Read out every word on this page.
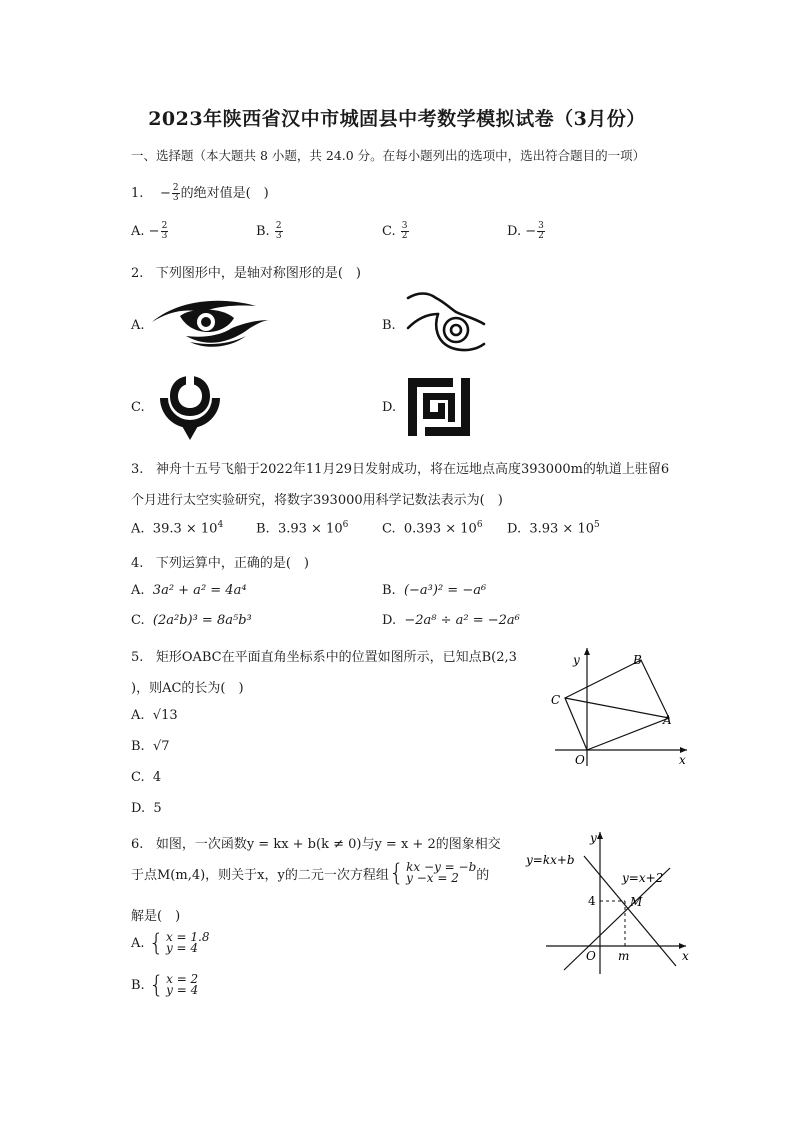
2023年陕西省汉中市城固县中考数学模拟试卷（3月份）
一、选择题（本大题共 8 小题，共 24.0 分。在每小题列出的选项中，选出符合题目的一项）
1. − $\frac{2}{3}$ 的绝对值是(　)
A. − $\frac{2}{3}$	B. $\frac{2}{3}$	C. $\frac{3}{2}$	D. − $\frac{3}{2}$
2. 下列图形中，是轴对称图形的是(　)
A.	B.
C.	D.
3. 神舟十五号飞船于2022年11月29日发射成功，将在远地点高度393000m的轨道上驻留6
个月进行太空实验研究，将数字393000用科学记数法表示为(　)
A. $39.3 \times 10^4$	B. $3.93 \times 10^6$	C. $0.393 \times 10^6$ D. $3.93 \times 10^5$
4. 下列运算中，正确的是(　)
A. 3a² + a² = 4a⁴	B. (−a³)² = −a⁶
C. (2a²b)³ = 8a⁵b³	D. −2a⁸ ÷ a² = −2a⁶
5. 矩形OABC在平面直角坐标系中的位置如图所示，已知点B(2,3
)，则AC的长为(　)
A. √13
B. √7
C. 4
D. 5
y
x
O
A
B
C
6. 如图，一次函数y = kx + b(k ≠ 0)与y = x + 2的图象相交
于点M(m,4)，则关于x，y的二元一次方程组 { kx −y = −b
y −x = 2	的
解是(　)
A.
{ x = 1.8
y = 4
B.
{ x = 2
y = 4
y
x
O
M
m
4
y=kx+b
y=x+2
